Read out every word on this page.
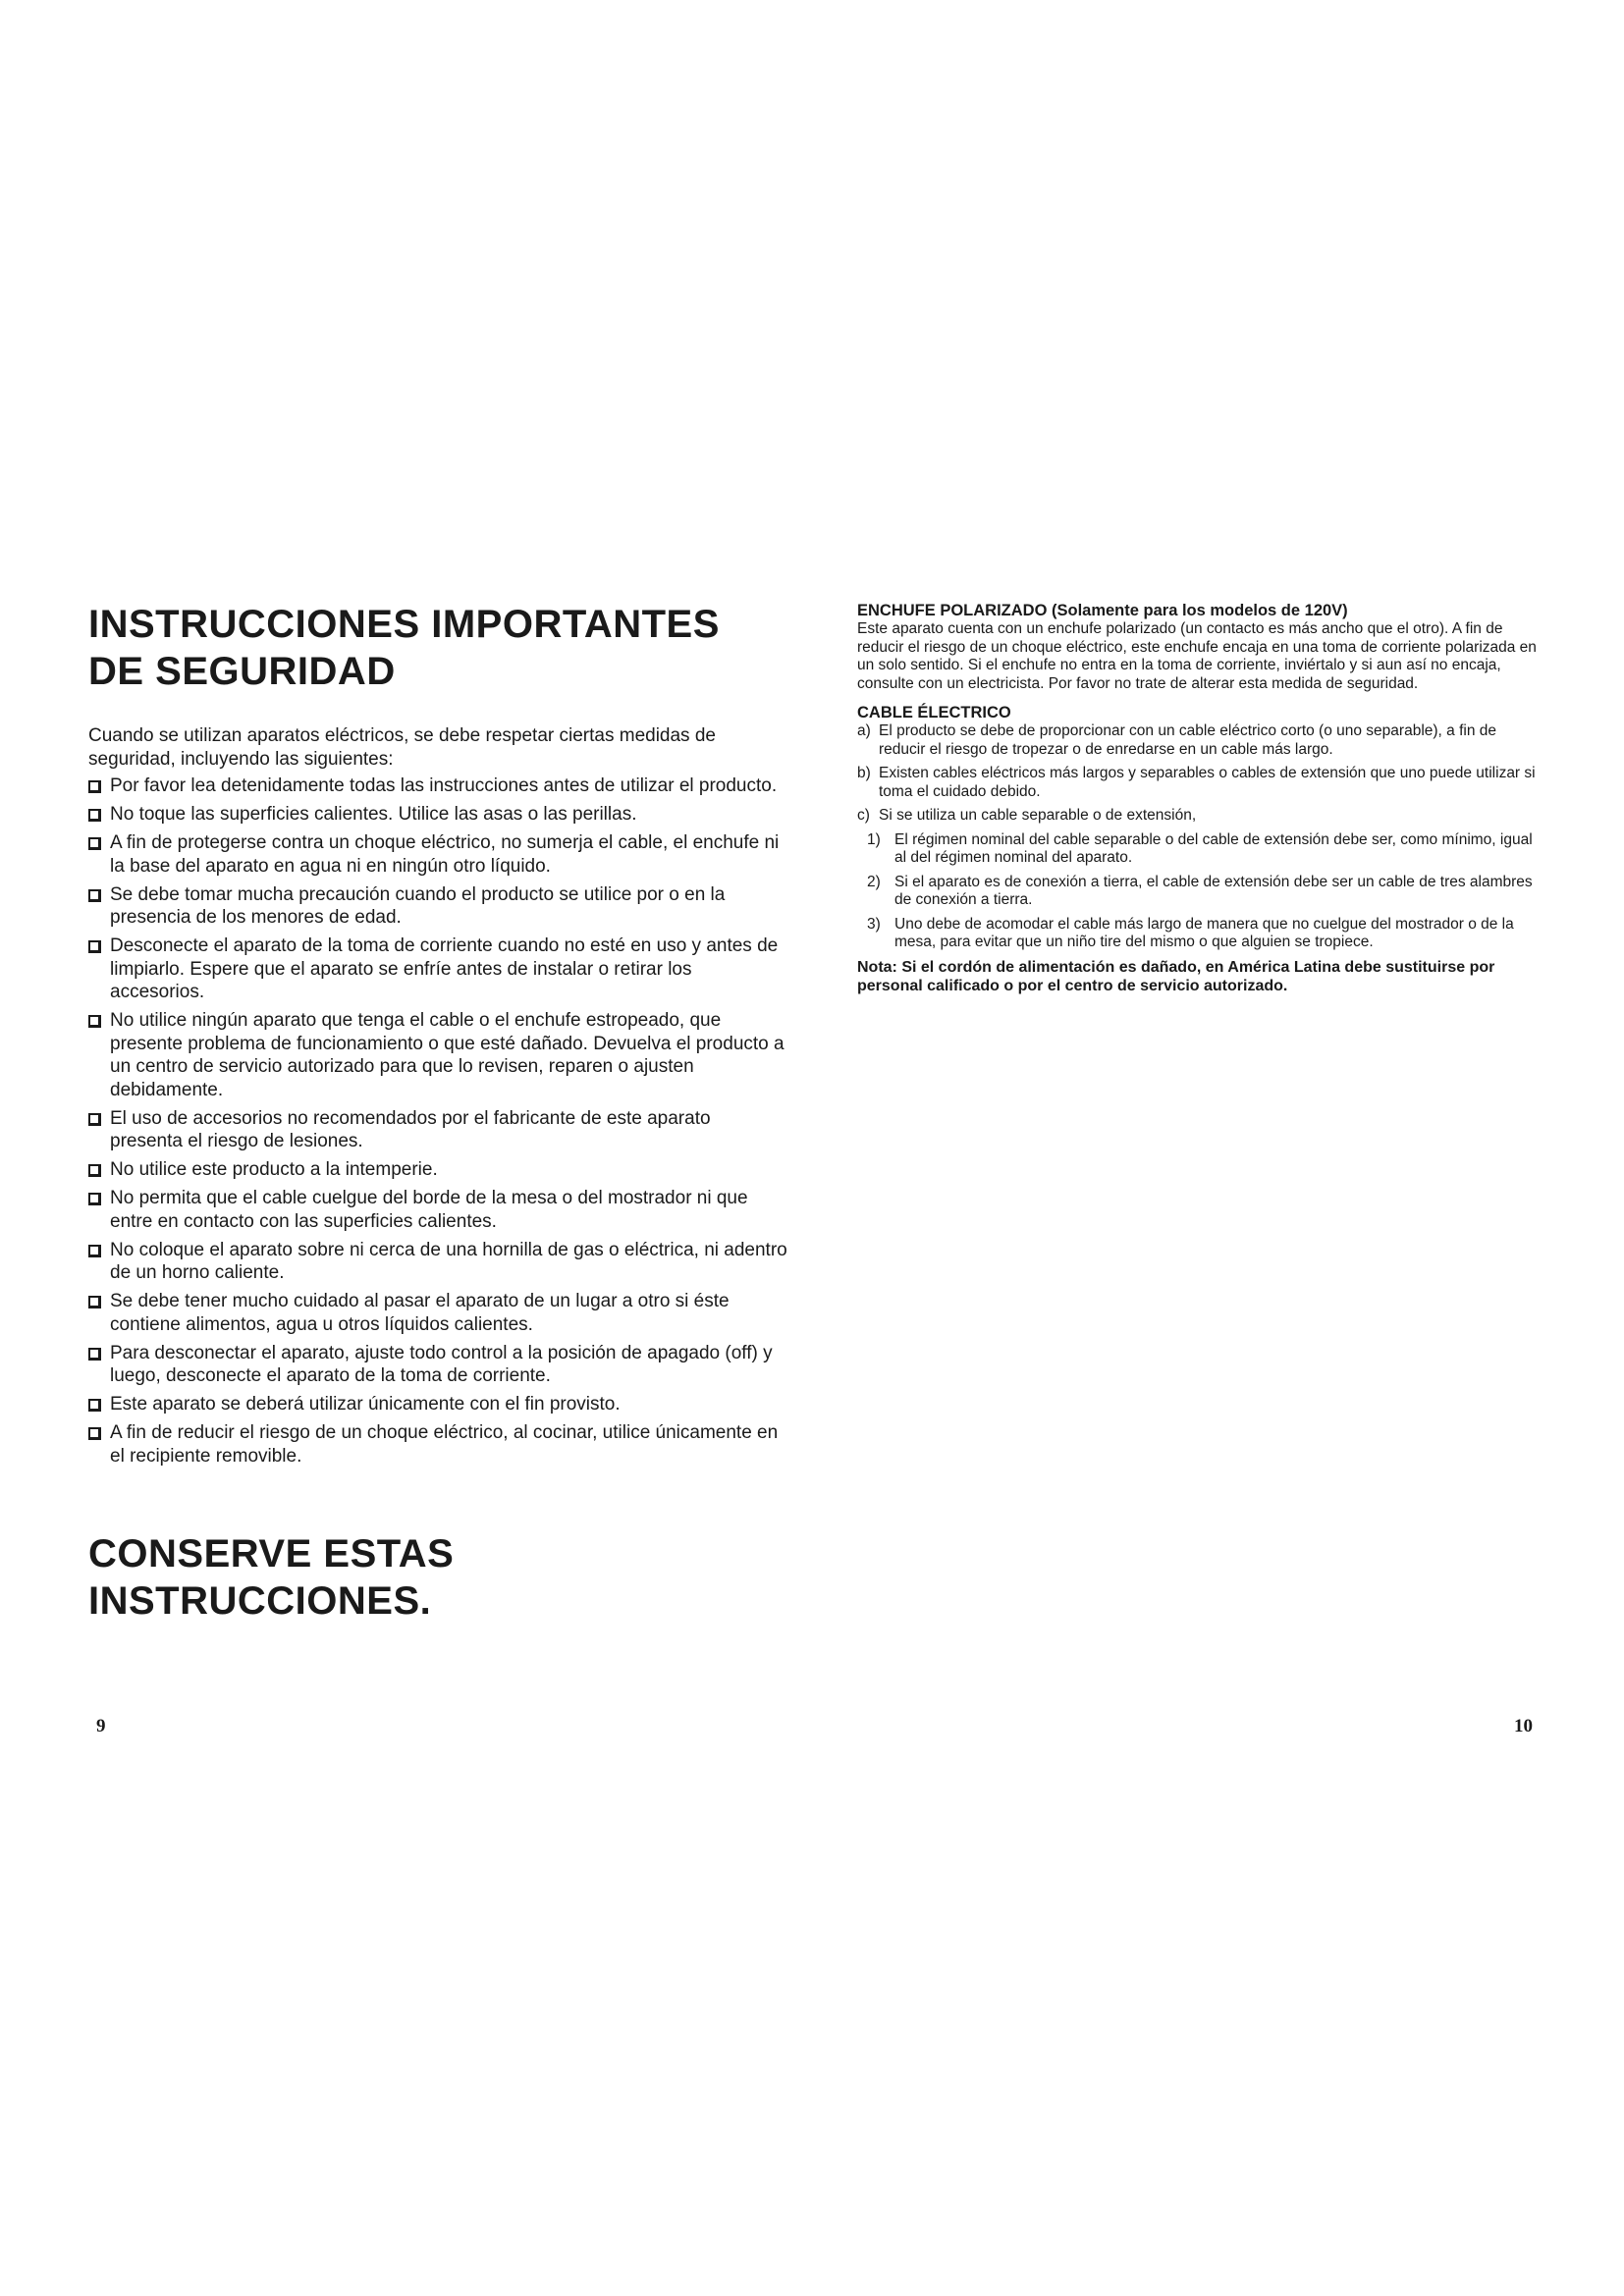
INSTRUCCIONES IMPORTANTES
DE SEGURIDAD

Cuando se utilizan aparatos eléctricos, se debe respetar ciertas medidas de seguridad, incluyendo las siguientes:

Por favor lea detenidamente todas las instrucciones antes de utilizar el producto.
No toque las superficies calientes. Utilice las asas o las perillas.
A fin de protegerse contra un choque eléctrico, no sumerja el cable, el enchufe ni la base del aparato en agua ni en ningún otro líquido.
Se debe tomar mucha precaución cuando el producto se utilice por o en la presencia de los menores de edad.
Desconecte el aparato de la toma de corriente cuando no esté en uso y antes de limpiarlo. Espere que el aparato se enfríe antes de instalar o retirar los accesorios.
No utilice ningún aparato que tenga el cable o el enchufe estropeado, que presente problema de funcionamiento o que esté dañado. Devuelva el producto a un centro de servicio autorizado para que lo revisen, reparen o ajusten debidamente.
El uso de accesorios no recomendados por el fabricante de este aparato presenta el riesgo de lesiones.
No utilice este producto a la intemperie.
No permita que el cable cuelgue del borde de la mesa o del mostrador ni que entre en contacto con las superficies calientes.
No coloque el aparato sobre ni cerca de una hornilla de gas o eléctrica, ni adentro de un horno caliente.
Se debe tener mucho cuidado al pasar el aparato de un lugar a otro si éste contiene alimentos, agua u otros líquidos calientes.
Para desconectar el aparato, ajuste todo control a la posición de apagado (off) y luego, desconecte el aparato de la toma de corriente.
Este aparato se deberá utilizar únicamente con el fin provisto.
A fin de reducir el riesgo de un choque eléctrico, al cocinar, utilice únicamente en el recipiente removible.
CONSERVE ESTAS
INSTRUCCIONES.
9
ENCHUFE POLARIZADO (Solamente para los modelos de 120V)

Este aparato cuenta con un enchufe polarizado (un contacto es más ancho que el otro). A fin de reducir el riesgo de un choque eléctrico, este enchufe encaja en una toma de corriente polarizada en un solo sentido. Si el enchufe no entra en la toma de corriente, inviértalo y si aun así no encaja, consulte con un electricista. Por favor no trate de alterar esta medida de seguridad.

CABLE ÉLECTRICO
a) El producto se debe de proporcionar con un cable eléctrico corto (o uno separable), a fin de reducir el riesgo de tropezar o de enredarse en un cable más largo.
b) Existen cables eléctricos más largos y separables o cables de extensión que uno puede utilizar si toma el cuidado debido.
c) Si se utiliza un cable separable o de extensión,
1) El régimen nominal del cable separable o del cable de extensión debe ser, como mínimo, igual al del régimen nominal del aparato.
2) Si el aparato es de conexión a tierra, el cable de extensión debe ser un cable de tres alambres de conexión a tierra.
3) Uno debe de acomodar el cable más largo de manera que no cuelgue del mostrador o de la mesa, para evitar que un niño tire del mismo o que alguien se tropiece.

Nota: Si el cordón de alimentación es dañado, en América Latina debe sustituirse por personal calificado o por el centro de servicio autorizado.

10
